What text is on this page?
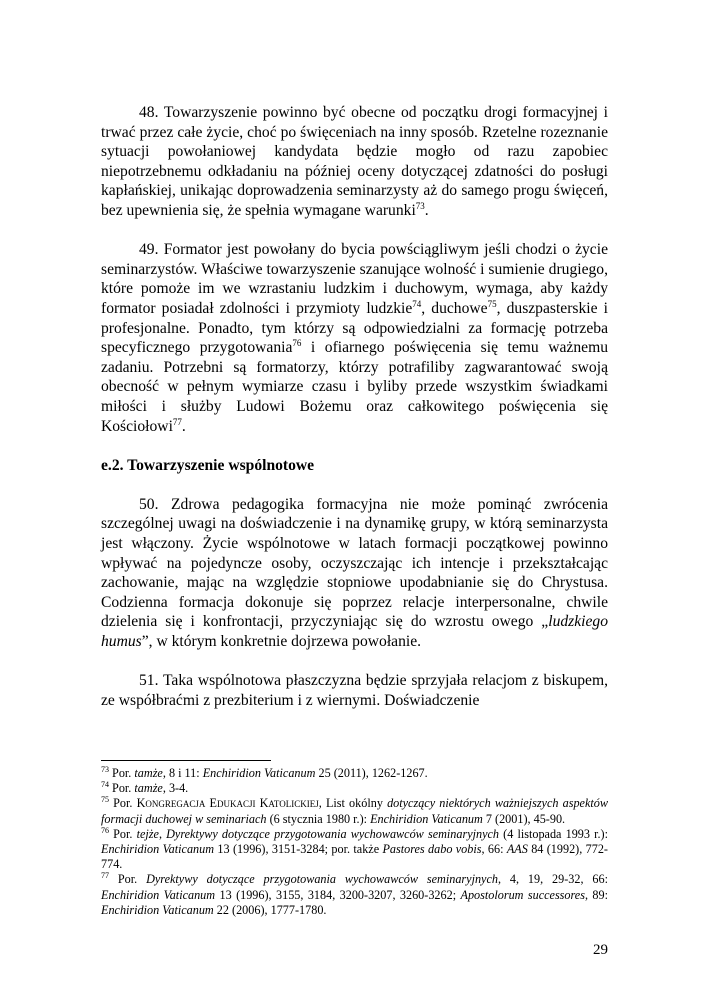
48. Towarzyszenie powinno być obecne od początku drogi formacyjnej i trwać przez całe życie, choć po święceniach na inny sposób. Rzetelne rozeznanie sytuacji powołaniowej kandydata będzie mogło od razu zapobiec niepotrzebnemu odkładaniu na później oceny dotyczącej zdatności do posługi kapłańskiej, unikając doprowadzenia seminarzysty aż do samego progu święceń, bez upewnienia się, że spełnia wymagane warunki$^{73}$.

49. Formator jest powołany do bycia powściągliwym jeśli chodzi o życie seminarzystów. Właściwe towarzyszenie szanujące wolność i sumienie drugiego, które pomoże im we wzrastaniu ludzkim i duchowym, wymaga, aby każdy formator posiadał zdolności i przymioty ludzkie$^{74}$, duchowe$^{75}$, duszpasterskie i profesjonalne. Ponadto, tym którzy są odpowiedzialni za formację potrzeba specyficznego przygotowania$^{76}$ i ofiarnego poświęcenia się temu ważnemu zadaniu. Potrzebni są formatorzy, którzy potrafiliby zagwarantować swoją obecność w pełnym wymiarze czasu i byliby przede wszystkim świadkami miłości i służby Ludowi Bożemu oraz całkowitego poświęcenia się Kościołowi$^{77}$.

e.2. Towarzyszenie wspólnotowe

50. Zdrowa pedagogika formacyjna nie może pominąć zwrócenia szczególnej uwagi na doświadczenie i na dynamikę grupy, w którą seminarzysta jest włączony. Życie wspólnotowe w latach formacji początkowej powinno wpływać na pojedyncze osoby, oczyszczając ich intencje i przekształcając zachowanie, mając na względzie stopniowe upodabnianie się do Chrystusa. Codzienna formacja dokonuje się poprzez relacje interpersonalne, chwile dzielenia się i konfrontacji, przyczyniając się do wzrostu owego „ludzkiego humus”, w którym konkretnie dojrzewa powołanie.

51. Taka wspólnotowa płaszczyzna będzie sprzyjała relacjom z biskupem, ze współbraćmi z prezbiterium i z wiernymi. Doświadczenie

$^{73}$ Por. tamże, 8 i 11: Enchiridion Vaticanum 25 (2011), 1262-1267.

$^{74}$ Por. tamże, 3-4.

$^{75}$ Por. Kongregacja Edukacji Katolickiej, List okólny dotyczący niektórych ważniejszych aspektów formacji duchowej w seminariach (6 stycznia 1980 r.): Enchiridion Vaticanum 7 (2001), 45-90.

$^{76}$ Por. tejże, Dyrektywy dotyczące przygotowania wychowawców seminaryjnych (4 listopada 1993 r.): Enchiridion Vaticanum 13 (1996), 3151-3284; por. także Pastores dabo vobis, 66: AAS 84 (1992), 772-774.

$^{77}$ Por. Dyrektywy dotyczące przygotowania wychowawców seminaryjnych, 4, 19, 29-32, 66: Enchiridion Vaticanum 13 (1996), 3155, 3184, 3200-3207, 3260-3262; Apostolorum successores, 89: Enchiridion Vaticanum 22 (2006), 1777-1780.

29
